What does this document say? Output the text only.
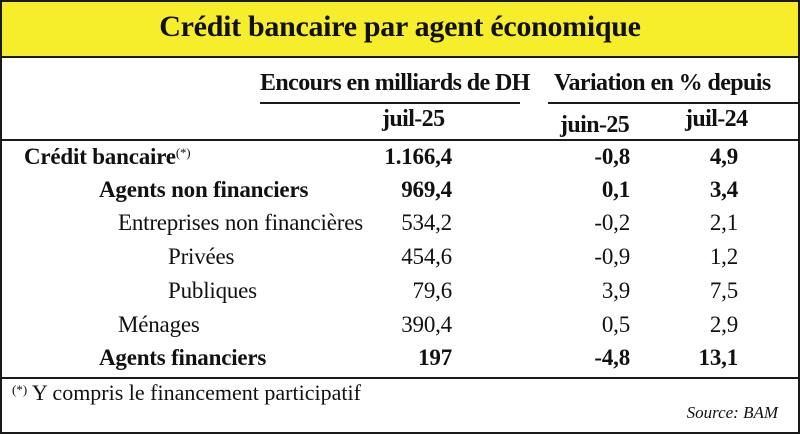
Crédit bancaire par agent économique
Encours en milliards de DH Variation en % depuis
juil-25	juin-25 juil-24
Crédit bancaire(*)	1.166,4	-0,8	4,9
Agents non financiers	969,4	0,1	3,4
Entreprises non financières 534,2	-0,2	2,1
Privées	454,6	-0,9	1,2
Publiques	79,6	3,9	7,5
Ménages	390,4	0,5	2,9
Agents financiers	197	-4,8	13,1
(*) Y compris le financement participatif
Source: BAM
